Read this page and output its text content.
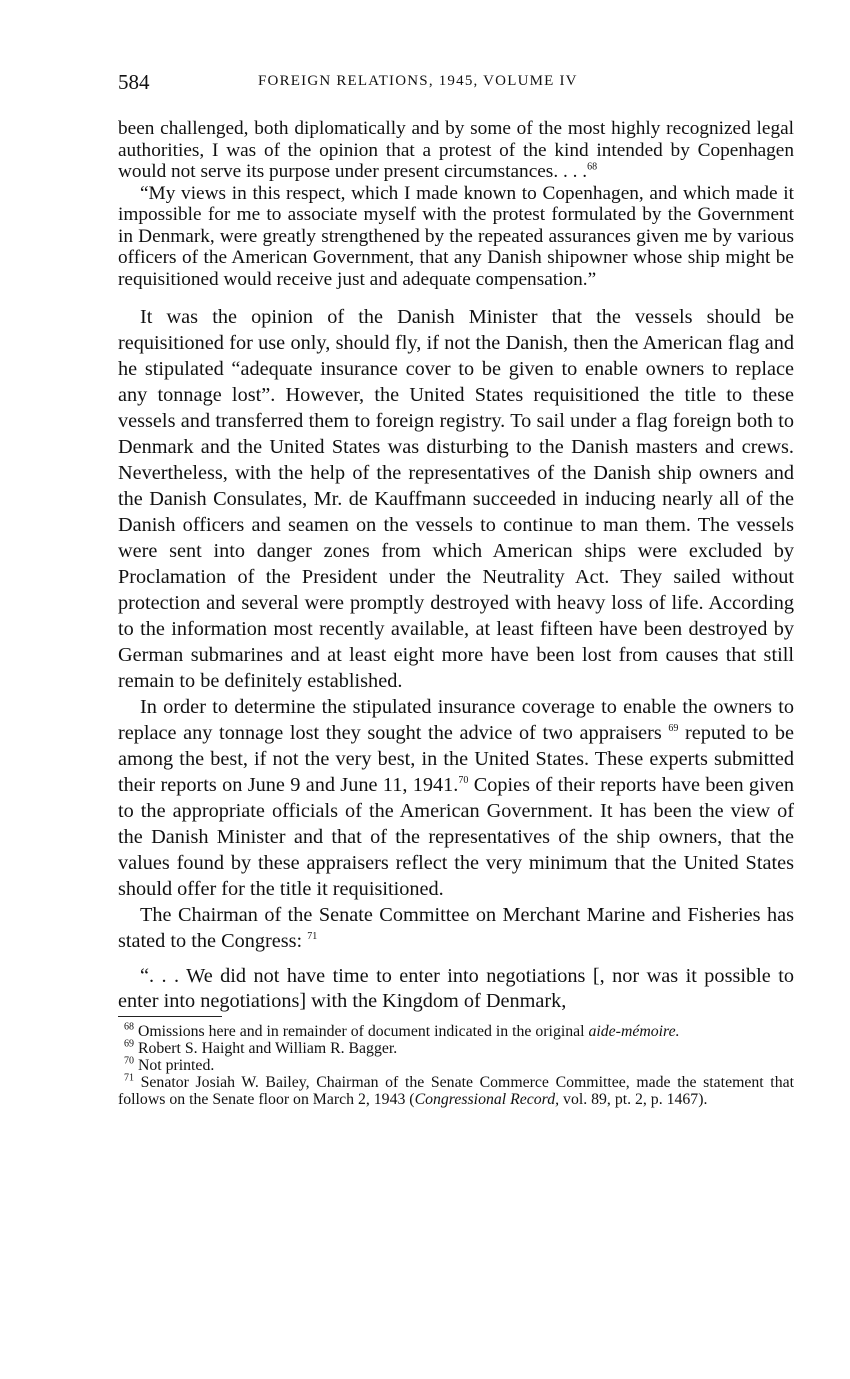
584	FOREIGN RELATIONS, 1945, VOLUME IV

been challenged, both diplomatically and by some of the most highly recognized legal authorities, I was of the opinion that a protest of the kind intended by Copenhagen would not serve its purpose under present circumstances. . . .$^{68}$

“My views in this respect, which I made known to Copenhagen, and which made it impossible for me to associate myself with the protest formulated by the Government in Denmark, were greatly strengthened by the repeated assurances given me by various officers of the American Government, that any Danish shipowner whose ship might be requisitioned would receive just and adequate compensation.”

It was the opinion of the Danish Minister that the vessels should be requisitioned for use only, should fly, if not the Danish, then the American flag and he stipulated “adequate insurance cover to be given to enable owners to replace any tonnage lost”. However, the United States requisitioned the title to these vessels and transferred them to foreign registry. To sail under a flag foreign both to Denmark and the United States was disturbing to the Danish masters and crews. Nevertheless, with the help of the representatives of the Danish ship owners and the Danish Consulates, Mr. de Kauffmann succeeded in inducing nearly all of the Danish officers and seamen on the vessels to continue to man them. The vessels were sent into danger zones from which American ships were excluded by Proclamation of the President under the Neutrality Act. They sailed without protection and several were promptly destroyed with heavy loss of life. According to the information most recently available, at least fifteen have been destroyed by German submarines and at least eight more have been lost from causes that still remain to be definitely established.

In order to determine the stipulated insurance coverage to enable the owners to replace any tonnage lost they sought the advice of two appraisers $^{69}$ reputed to be among the best, if not the very best, in the United States. These experts submitted their reports on June 9 and June 11, 1941.70 Copies of their reports have been given to the appropriate officials of the American Government. It has been the view of the Danish Minister and that of the representatives of the ship owners, that the values found by these appraisers reflect the very minimum that the United States should offer for the title it requisitioned.

The Chairman of the Senate Committee on Merchant Marine and Fisheries has stated to the Congress: $^{71}$

“. . . We did not have time to enter into negotiations [, nor was it possible to enter into negotiations] with the Kingdom of Denmark,

$^{68}$ Omissions here and in remainder of document indicated in the original aide-mémoire.

$^{69}$ Robert S. Haight and William R. Bagger.

$^{70}$ Not printed.

$^{71}$ Senator Josiah W. Bailey, Chairman of the Senate Commerce Committee, made the statement that follows on the Senate floor on March 2, 1943 (Congressional Record, vol. 89, pt. 2, p. 1467).
